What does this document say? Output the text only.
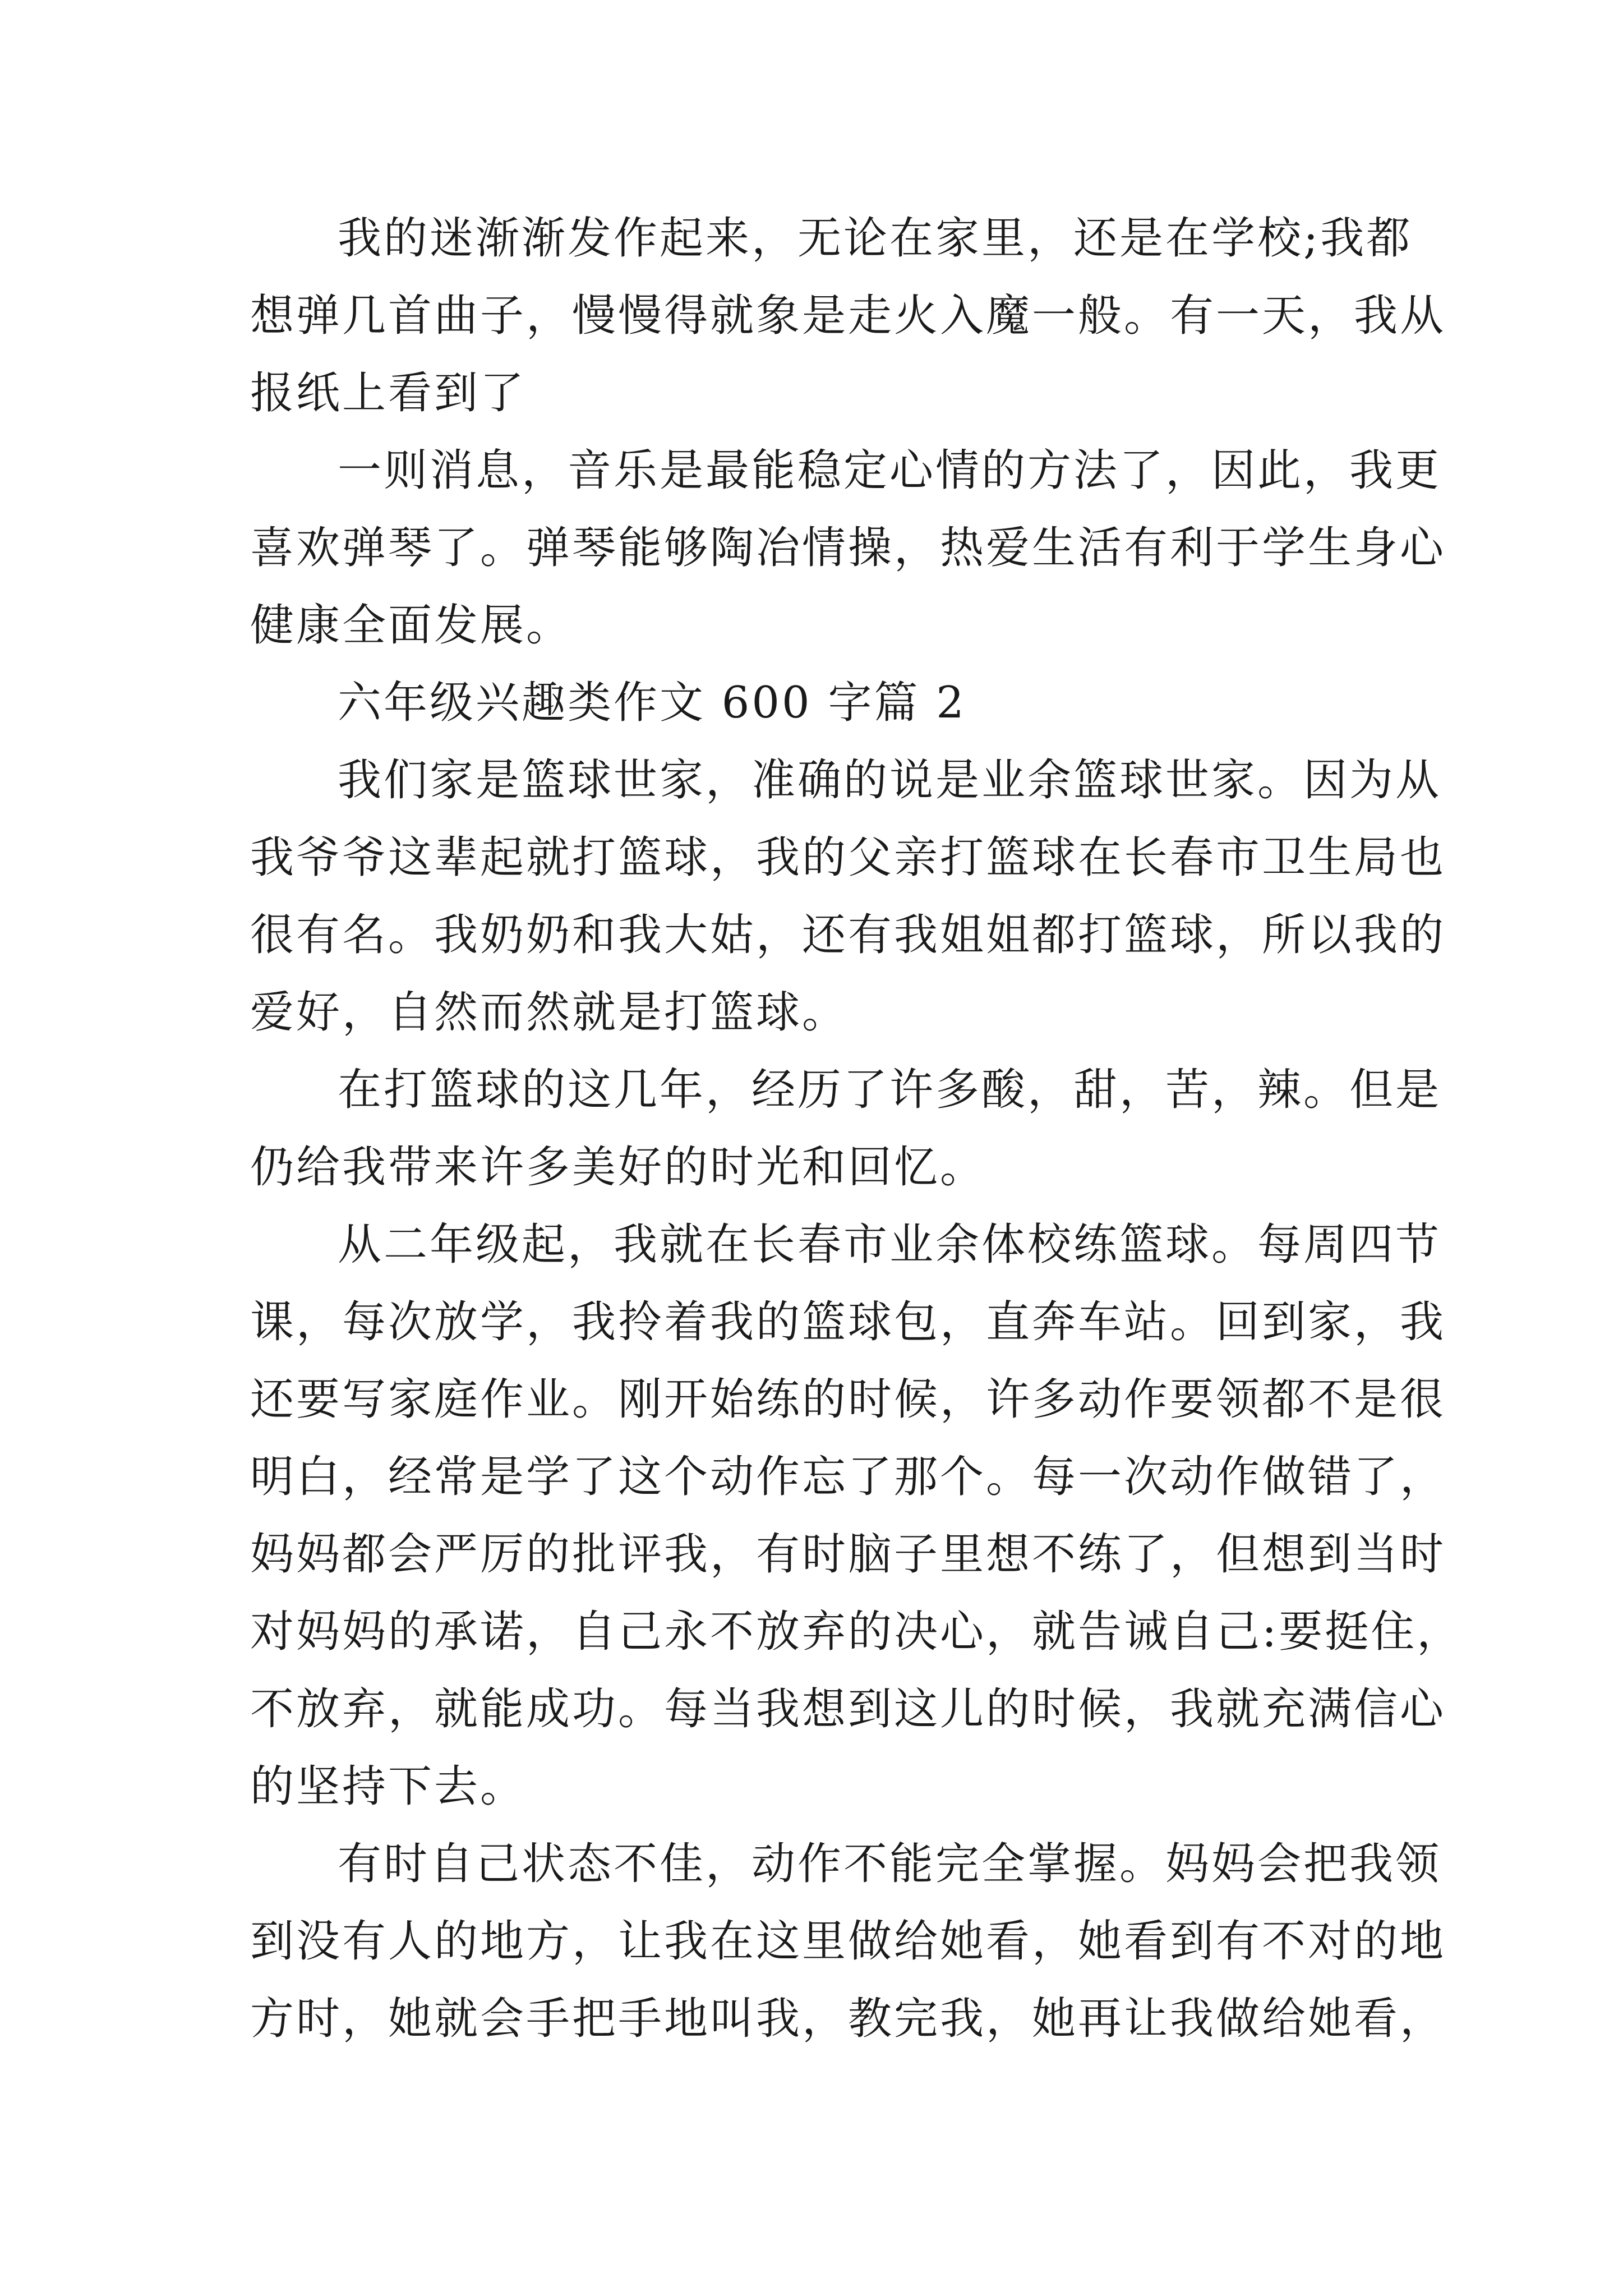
我的迷渐渐发作起来，无论在家里，还是在学校;我都
想弹几首曲子，慢慢得就象是走火入魔一般。有一天，我从
报纸上看到了
一则消息，音乐是最能稳定心情的方法了，因此，我更
喜欢弹琴了。弹琴能够陶冶情操，热爱生活有利于学生身心
健康全面发展。
六年级兴趣类作文 600 字篇 2
我们家是篮球世家，准确的说是业余篮球世家。因为从
我爷爷这辈起就打篮球，我的父亲打篮球在长春市卫生局也
很有名。我奶奶和我大姑，还有我姐姐都打篮球，所以我的
爱好，自然而然就是打篮球。
在打篮球的这几年，经历了许多酸，甜，苦，辣。但是
仍给我带来许多美好的时光和回忆。
从二年级起，我就在长春市业余体校练篮球。每周四节
课，每次放学，我拎着我的篮球包，直奔车站。回到家，我
还要写家庭作业。刚开始练的时候，许多动作要领都不是很
明白，经常是学了这个动作忘了那个。每一次动作做错了，
妈妈都会严厉的批评我，有时脑子里想不练了，但想到当时
对妈妈的承诺，自己永不放弃的决心，就告诫自己:要挺住，
不放弃，就能成功。每当我想到这儿的时候，我就充满信心
的坚持下去。
有时自己状态不佳，动作不能完全掌握。妈妈会把我领
到没有人的地方，让我在这里做给她看，她看到有不对的地
方时，她就会手把手地叫我，教完我，她再让我做给她看，
